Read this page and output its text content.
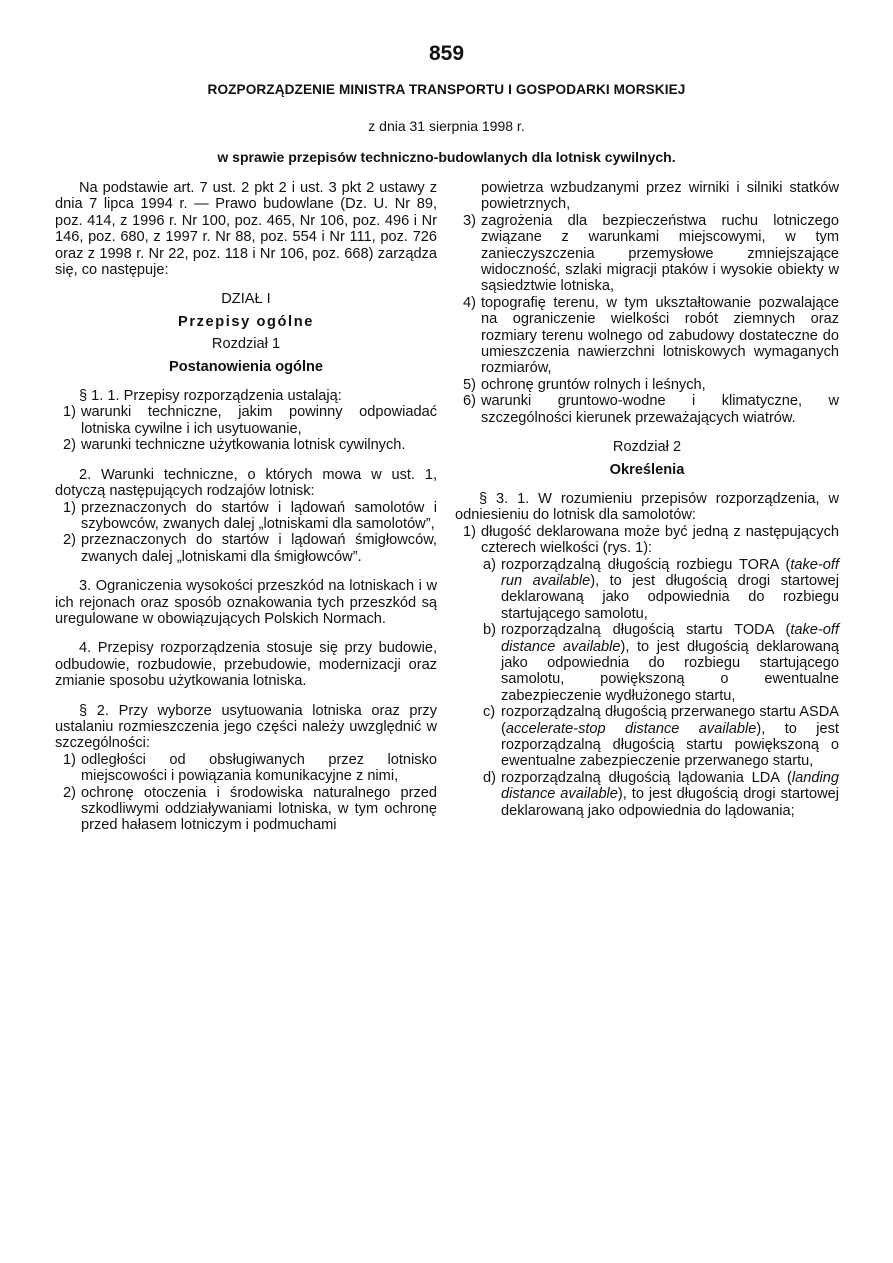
859
ROZPORZĄDZENIE MINISTRA TRANSPORTU I GOSPODARKI MORSKIEJ
z dnia 31 sierpnia 1998 r.
w sprawie przepisów techniczno-budowlanych dla lotnisk cywilnych.

Na podstawie art. 7 ust. 2 pkt 2 i ust. 3 pkt 2 ustawy z dnia 7 lipca 1994 r. — Prawo budowlane (Dz. U. Nr 89, poz. 414, z 1996 r. Nr 100, poz. 465, Nr 106, poz. 496 i Nr 146, poz. 680, z 1997 r. Nr 88, poz. 554 i Nr 111, poz. 726 oraz z 1998 r. Nr 22, poz. 118 i Nr 106, poz. 668) zarządza się, co następuje:

DZIAŁ I

Przepisy ogólne

Rozdział 1

Postanowienia ogólne

§ 1. 1. Przepisy rozporządzenia ustalają:

1) warunki techniczne, jakim powinny odpowiadać lotniska cywilne i ich usytuowanie,
2) warunki techniczne użytkowania lotnisk cywilnych.

2. Warunki techniczne, o których mowa w ust. 1, dotyczą następujących rodzajów lotnisk:

1) przeznaczonych do startów i lądowań samolotów i szybowców, zwanych dalej „lotniskami dla samolotów”,
2) przeznaczonych do startów i lądowań śmigłowców, zwanych dalej „lotniskami dla śmigłowców”.

3. Ograniczenia wysokości przeszkód na lotniskach i w ich rejonach oraz sposób oznakowania tych przeszkód są uregulowane w obowiązujących Polskich Normach.

4. Przepisy rozporządzenia stosuje się przy budowie, odbudowie, rozbudowie, przebudowie, modernizacji oraz zmianie sposobu użytkowania lotniska.

§ 2. Przy wyborze usytuowania lotniska oraz przy ustalaniu rozmieszczenia jego części należy uwzględnić w szczególności:

1) odległości od obsługiwanych przez lotnisko miejscowości i powiązania komunikacyjne z nimi,
2) ochronę otoczenia i środowiska naturalnego przed szkodliwymi oddziaływaniami lotniska, w tym ochronę przed hałasem lotniczym i podmuchami

powietrza wzbudzanymi przez wirniki i silniki statków powietrznych,

3) zagrożenia dla bezpieczeństwa ruchu lotniczego związane z warunkami miejscowymi, w tym zanieczyszczenia przemysłowe zmniejszające widoczność, szlaki migracji ptaków i wysokie obiekty w sąsiedztwie lotniska,
4) topografię terenu, w tym ukształtowanie pozwalające na ograniczenie wielkości robót ziemnych oraz rozmiary terenu wolnego od zabudowy dostateczne do umieszczenia nawierzchni lotniskowych wymaganych rozmiarów,
5) ochronę gruntów rolnych i leśnych,
6) warunki gruntowo-wodne i klimatyczne, w szczególności kierunek przeważających wiatrów.

Rozdział 2

Określenia

§ 3. 1. W rozumieniu przepisów rozporządzenia, w odniesieniu do lotnisk dla samolotów:

1) długość deklarowana może być jedną z następujących czterech wielkości (rys. 1):
a) rozporządzalną długością rozbiegu TORA (take-off run available), to jest długością drogi startowej deklarowaną jako odpowiednia do rozbiegu startującego samolotu,
b) rozporządzalną długością startu TODA (take-off distance available), to jest długością deklarowaną jako odpowiednia do rozbiegu startującego samolotu, powiększoną o ewentualne zabezpieczenie wydłużonego startu,
c) rozporządzalną długością przerwanego startu ASDA (accelerate-stop distance available), to jest rozporządzalną długością startu powiększoną o ewentualne zabezpieczenie przerwanego startu,
d) rozporządzalną długością lądowania LDA (landing distance available), to jest długością drogi startowej deklarowaną jako odpowiednia do lądowania;
